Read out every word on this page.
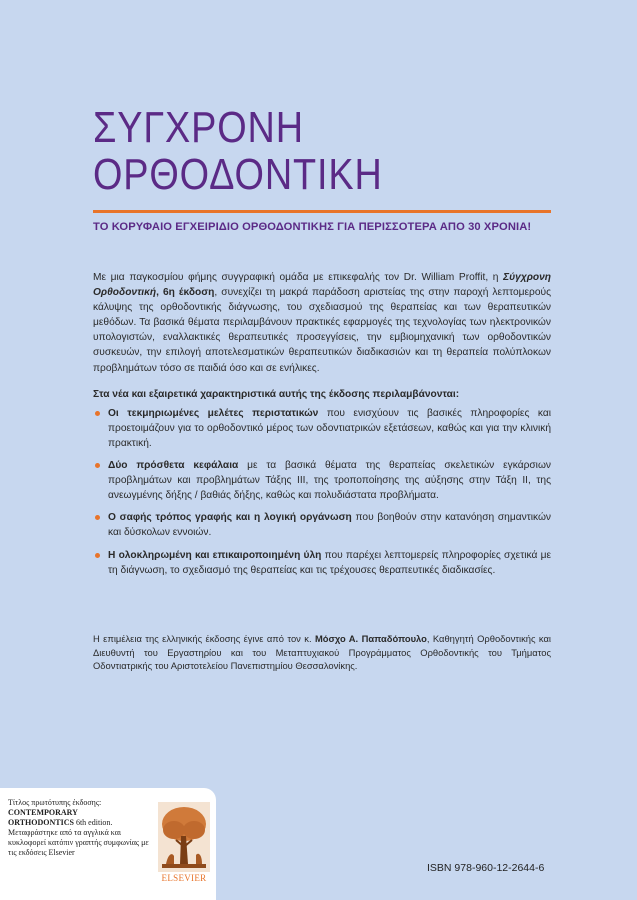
ΣΥΓΧΡΟΝΗ
ΟΡΘΟΔΟΝΤΙΚΗ
ΤΟ ΚΟΡΥΦΑΙΟ ΕΓΧΕΙΡΙΔΙΟ ΟΡΘΟΔΟΝΤΙΚΗΣ ΓΙΑ ΠΕΡΙΣΣΟΤΕΡΑ ΑΠΟ 30 ΧΡΟΝΙΑ!

Με μια παγκοσμίου φήμης συγγραφική ομάδα με επικεφαλής τον Dr. William Proffit, η Σύγχρονη Ορθοδοντική, 6η έκδοση, συνεχίζει τη μακρά παράδοση αριστείας της στην παροχή λεπτομερούς κάλυψης της ορθοδοντικής διάγνωσης, του σχεδιασμού της θεραπείας και των θεραπευτικών μεθόδων. Τα βασικά θέματα περιλαμβάνουν πρακτικές εφαρμογές της τεχνολογίας των ηλεκτρονικών υπολογιστών, εναλλακτικές θεραπευτικές προσεγγίσεις, την εμβιομηχανική των ορθοδοντικών συσκευών, την επιλογή αποτελεσματικών θεραπευτικών διαδικασιών και τη θεραπεία πολύπλοκων προβλημάτων τόσο σε παιδιά όσο και σε ενήλικες.

Στα νέα και εξαιρετικά χαρακτηριστικά αυτής της έκδοσης περιλαμβάνονται:

Οι τεκμηριωμένες μελέτες περιστατικών που ενισχύουν τις βασικές πληροφορίες και προετοιμάζουν για το ορθοδοντικό μέρος των οδοντιατρικών εξετάσεων, καθώς και για την κλινική πρακτική.
Δύο πρόσθετα κεφάλαια με τα βασικά θέματα της θεραπείας σκελετικών εγκάρσιων προβλημάτων και προβλημάτων Τάξης ΙΙΙ, της τροποποίησης της αύξησης στην Τάξη ΙΙ, της ανεωγμένης δήξης / βαθιάς δήξης, καθώς και πολυδιάστατα προβλήματα.
Ο σαφής τρόπος γραφής και η λογική οργάνωση που βοηθούν στην κατανόηση σημαντικών και δύσκολων εννοιών.
Η ολοκληρωμένη και επικαιροποιημένη ύλη που παρέχει λεπτομερείς πληροφορίες σχετικά με τη διάγνωση, το σχεδιασμό της θεραπείας και τις τρέχουσες θεραπευτικές διαδικασίες.
Η επιμέλεια της ελληνικής έκδοσης έγινε από τον κ. Μόσχο Α. Παπαδόπουλο, Καθηγητή Ορθοδοντικής και Διευθυντή του Εργαστηρίου και του Μεταπτυχιακού Προγράμματος Ορθοδοντικής του Τμήματος Οδοντιατρικής του Αριστοτελείου Πανεπιστημίου Θεσσαλονίκης.
Τίτλος πρωτότυπης έκδοσης:
CONTEMPORARY
ORTHODONTICS 6th edition.
Μεταφράστηκε από τα αγγλικά και κυκλοφορεί κατόπιν γραπτής συμφωνίας με τις εκδόσεις Elsevier
ELSEVIER
ISBN 978-960-12-2644-6
